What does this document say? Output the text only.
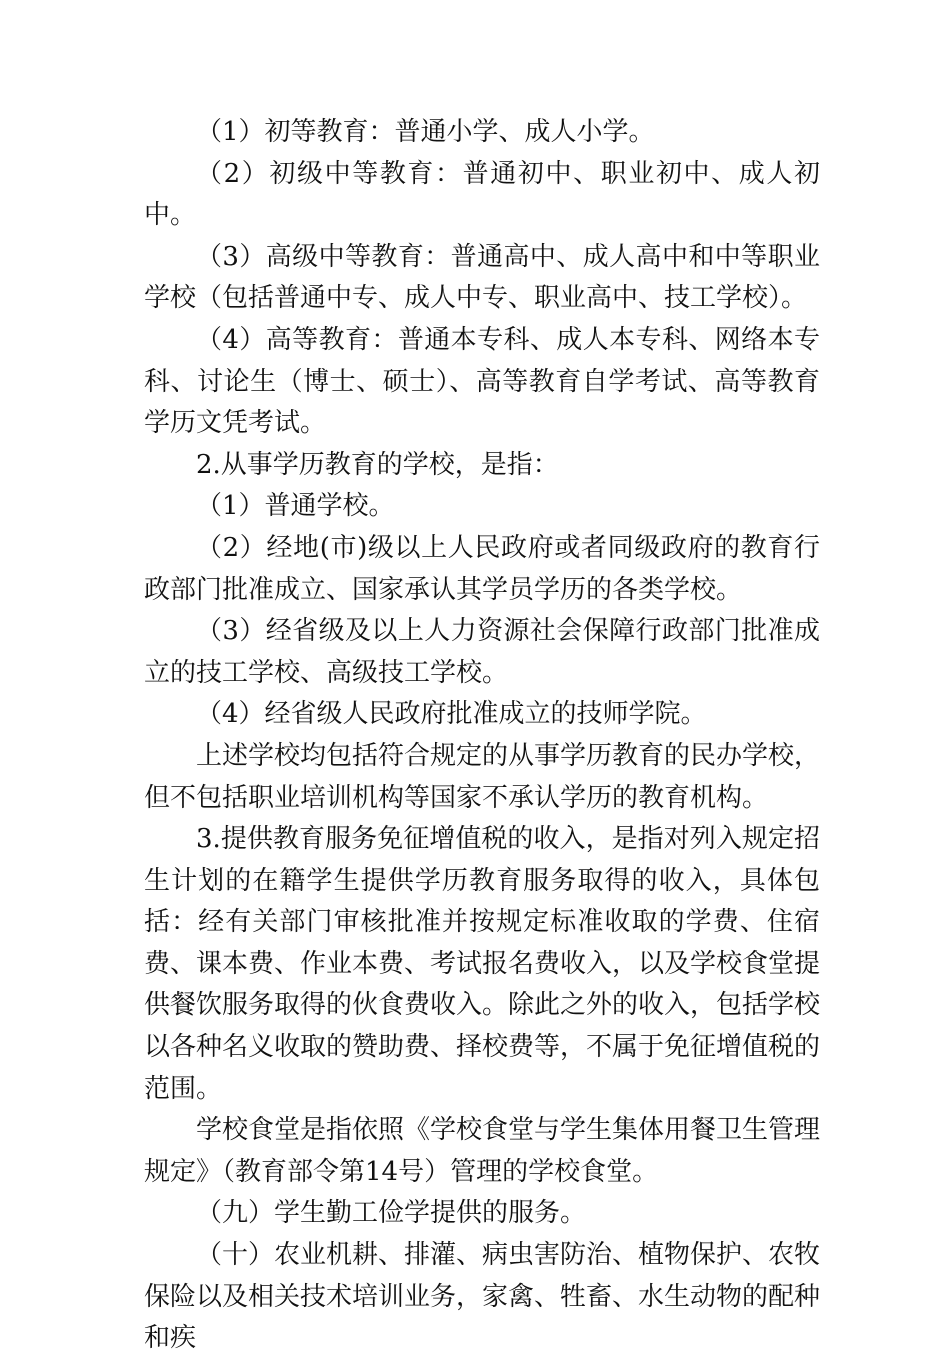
（1）初等教育：普通小学、成人小学。

（2）初级中等教育：普通初中、职业初中、成人初中。

（3）高级中等教育：普通高中、成人高中和中等职业学校（包括普通中专、成人中专、职业高中、技工学校）。

（4）高等教育：普通本专科、成人本专科、网络本专科、讨论生（博士、硕士）、高等教育自学考试、高等教育学历文凭考试。

2.从事学历教育的学校，是指：

（1）普通学校。

（2）经地(市)级以上人民政府或者同级政府的教育行政部门批准成立、国家承认其学员学历的各类学校。

（3）经省级及以上人力资源社会保障行政部门批准成立的技工学校、高级技工学校。

（4）经省级人民政府批准成立的技师学院。

上述学校均包括符合规定的从事学历教育的民办学校，但不包括职业培训机构等国家不承认学历的教育机构。

3.提供教育服务免征增值税的收入，是指对列入规定招生计划的在籍学生提供学历教育服务取得的收入，具体包括：经有关部门审核批准并按规定标准收取的学费、住宿费、课本费、作业本费、考试报名费收入，以及学校食堂提供餐饮服务取得的伙食费收入。除此之外的收入，包括学校以各种名义收取的赞助费、择校费等，不属于免征增值税的范围。

学校食堂是指依照《学校食堂与学生集体用餐卫生管理规定》（教育部令第14号）管理的学校食堂。

（九）学生勤工俭学提供的服务。

（十）农业机耕、排灌、病虫害防治、植物保护、农牧保险以及相关技术培训业务，家禽、牲畜、水生动物的配种和疾
